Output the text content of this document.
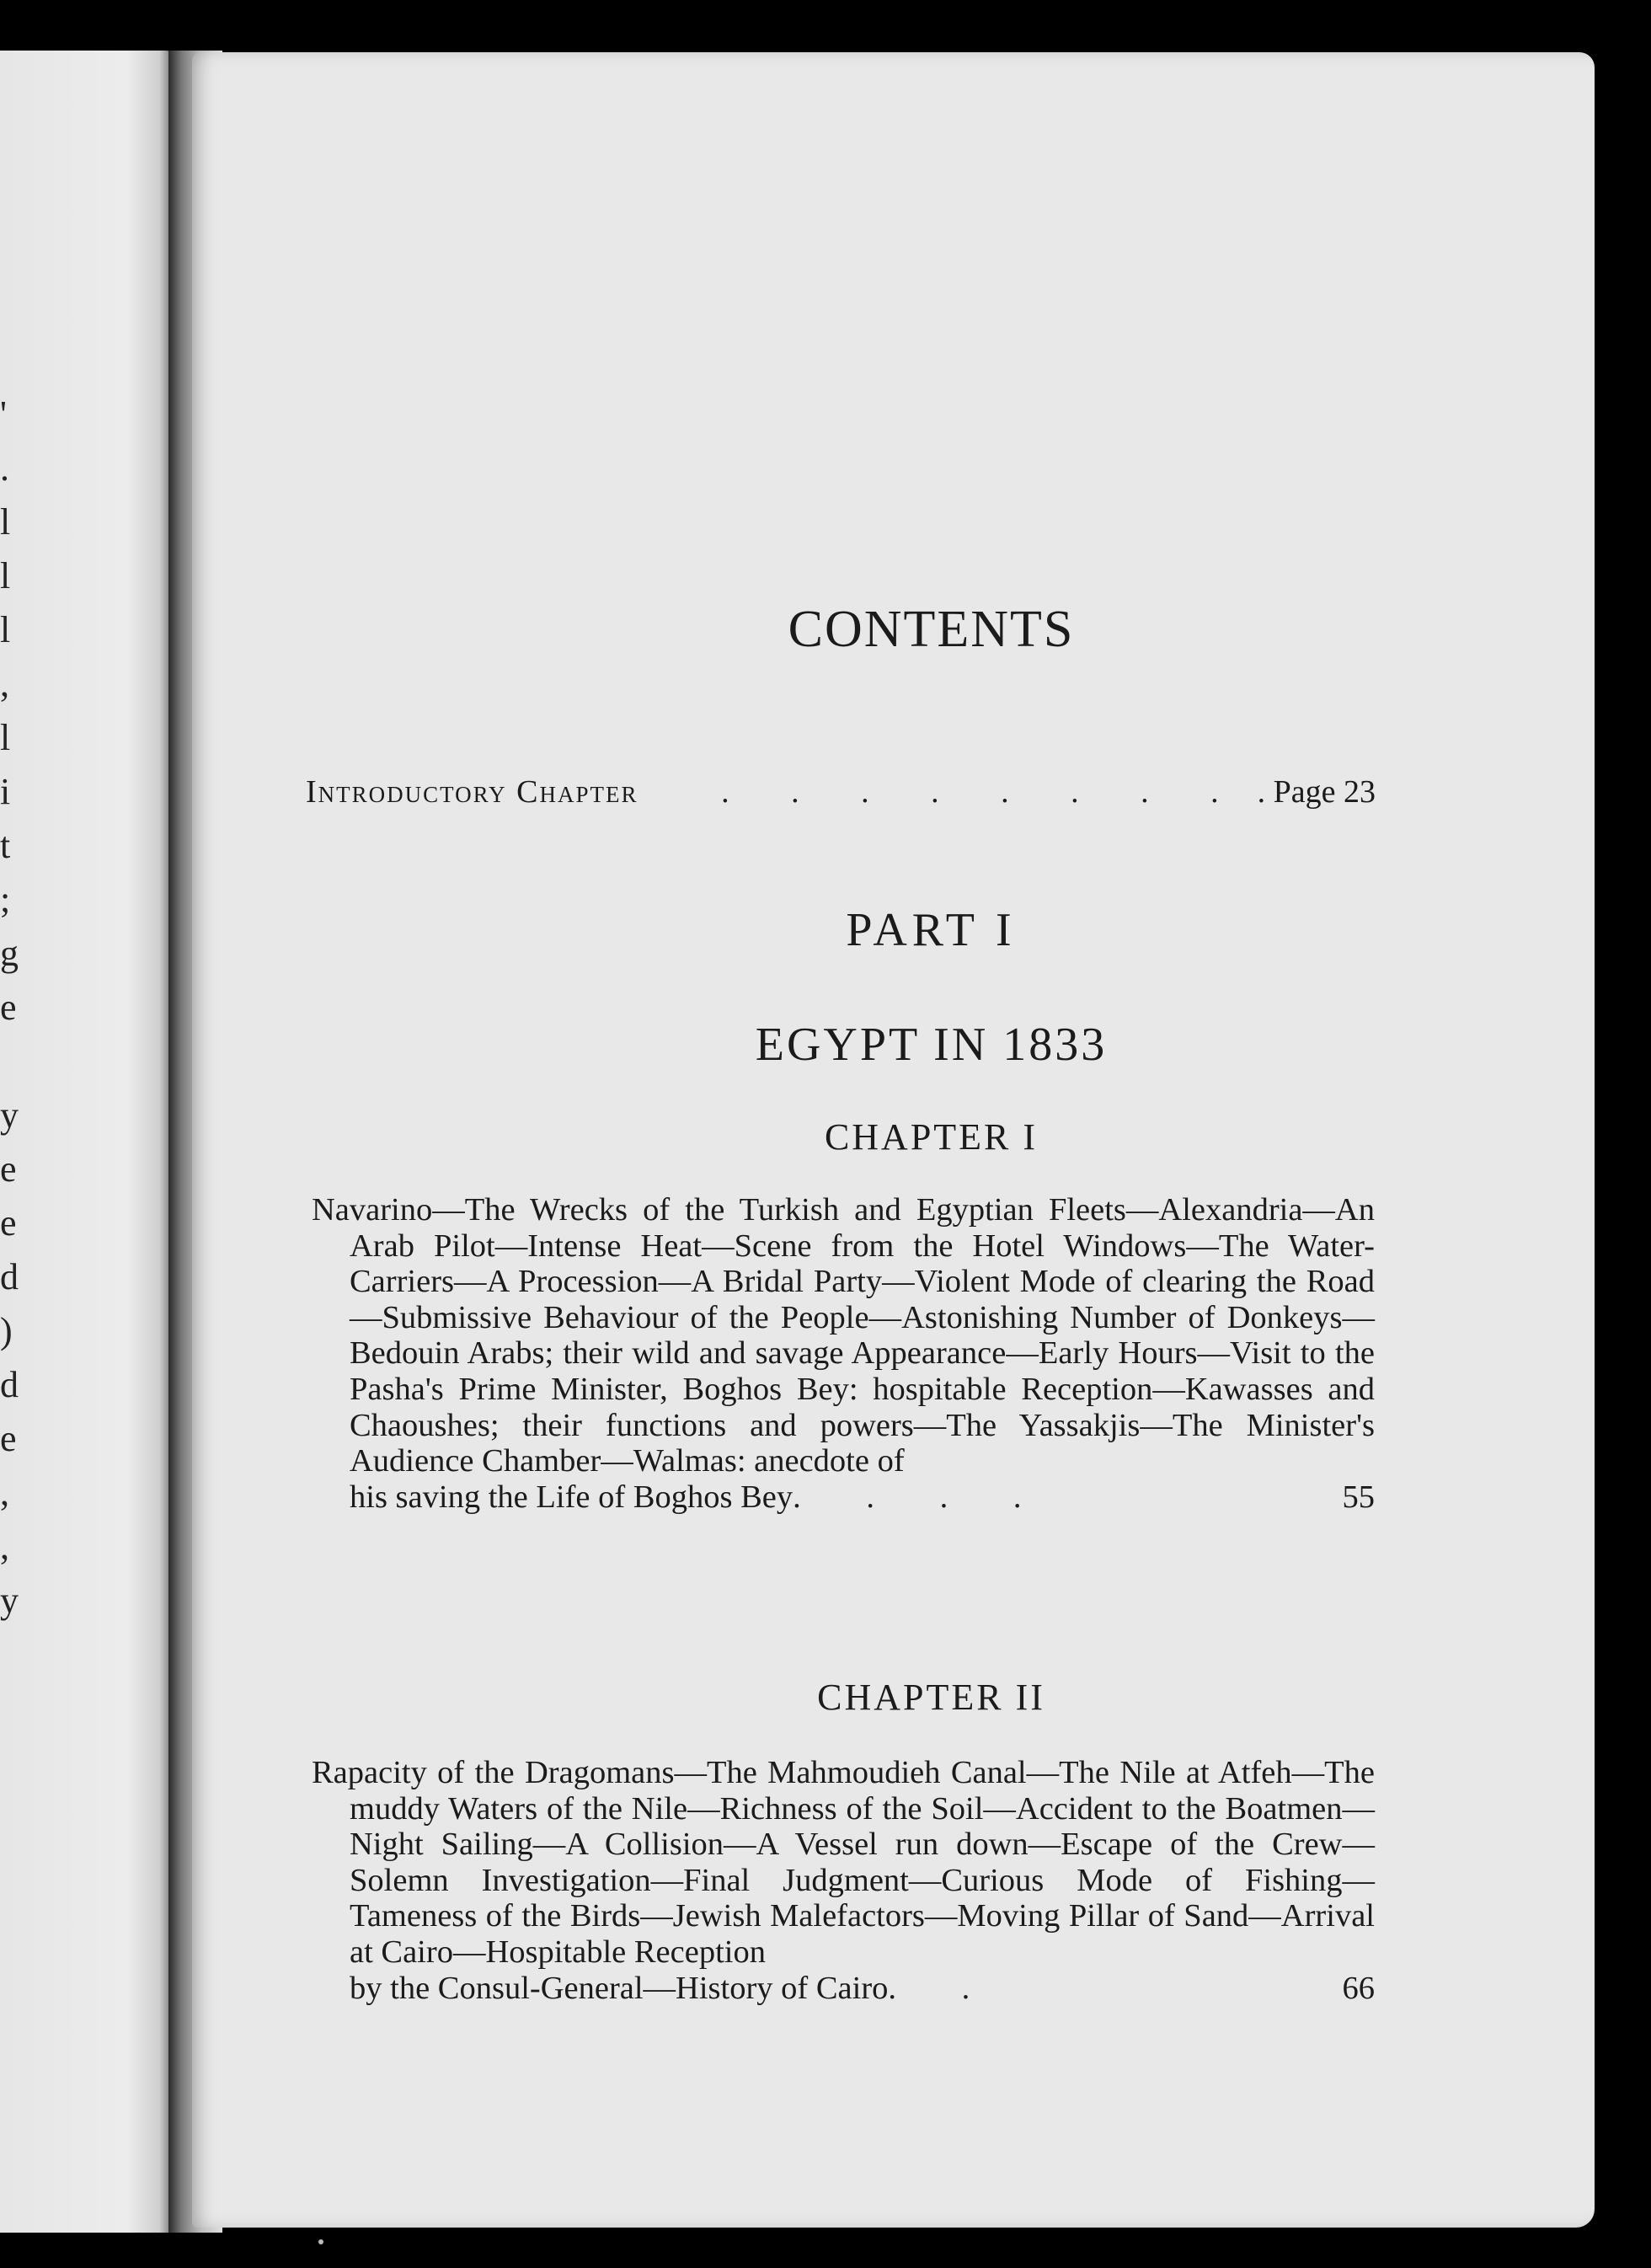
'
.
l
l
l
,
l
i
t
;
g
e
y
e
e
d
)
d
e
,
,
y
CONTENTS
Introductory Chapter	. . . . . . . . . Page 23
PART I
EGYPT IN 1833
CHAPTER I
Navarino—The Wrecks of the Turkish and Egyptian Fleets—Alexandria—An Arab Pilot—Intense Heat—Scene from the Hotel Windows—The Water-Carriers—A Procession—A Bridal Party—Violent Mode of clearing the Road—Submissive Behaviour of the People—Astonishing Number of Donkeys—Bedouin Arabs; their wild and savage Appearance—Early Hours—Visit to the Pasha's Prime Minister, Boghos Bey: hospitable Reception—Kawasses and Chaoushes; their functions and powers—The Yassakjis—The Minister's Audience Chamber—Walmas: anecdote of
his saving the Life of Boghos Bey . . . .	55
CHAPTER II
Rapacity of the Dragomans—The Mahmoudieh Canal—The Nile at Atfeh—The muddy Waters of the Nile—Richness of the Soil—Accident to the Boatmen—Night Sailing—A Collision—A Vessel run down—Escape of the Crew—Solemn Investigation—Final Judgment—Curious Mode of Fishing—Tameness of the Birds—Jewish Malefactors—Moving Pillar of Sand—Arrival at Cairo—Hospitable Reception
by the Consul-General—History of Cairo . .	66
